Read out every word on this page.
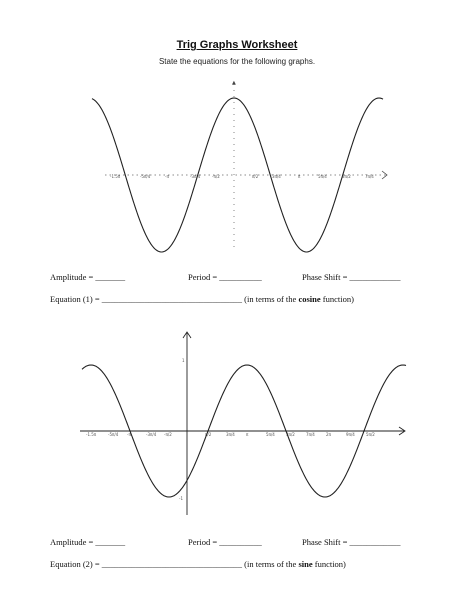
Trig Graphs Worksheet
State the equations for the following graphs.
▲
-1.5π	-5π/4	-π	-3π/4	-π/2	π/2	3π/4	π	5π/4	3π/2	7π/4
Amplitude = _______	Period = __________	Phase Shift = ____________
Equation (1) = _________________________________ (in terms of the cosine function)
1
-1
-1.5π	-5π/4 -π	-3π/4 -π/2	π/2	3π/4	π	5π/4	3π/2	7π/4	2π	9π/4	5π/2
Amplitude = _______	Period = __________	Phase Shift = ____________
Equation (2) = _________________________________ (in terms of the sine function)
